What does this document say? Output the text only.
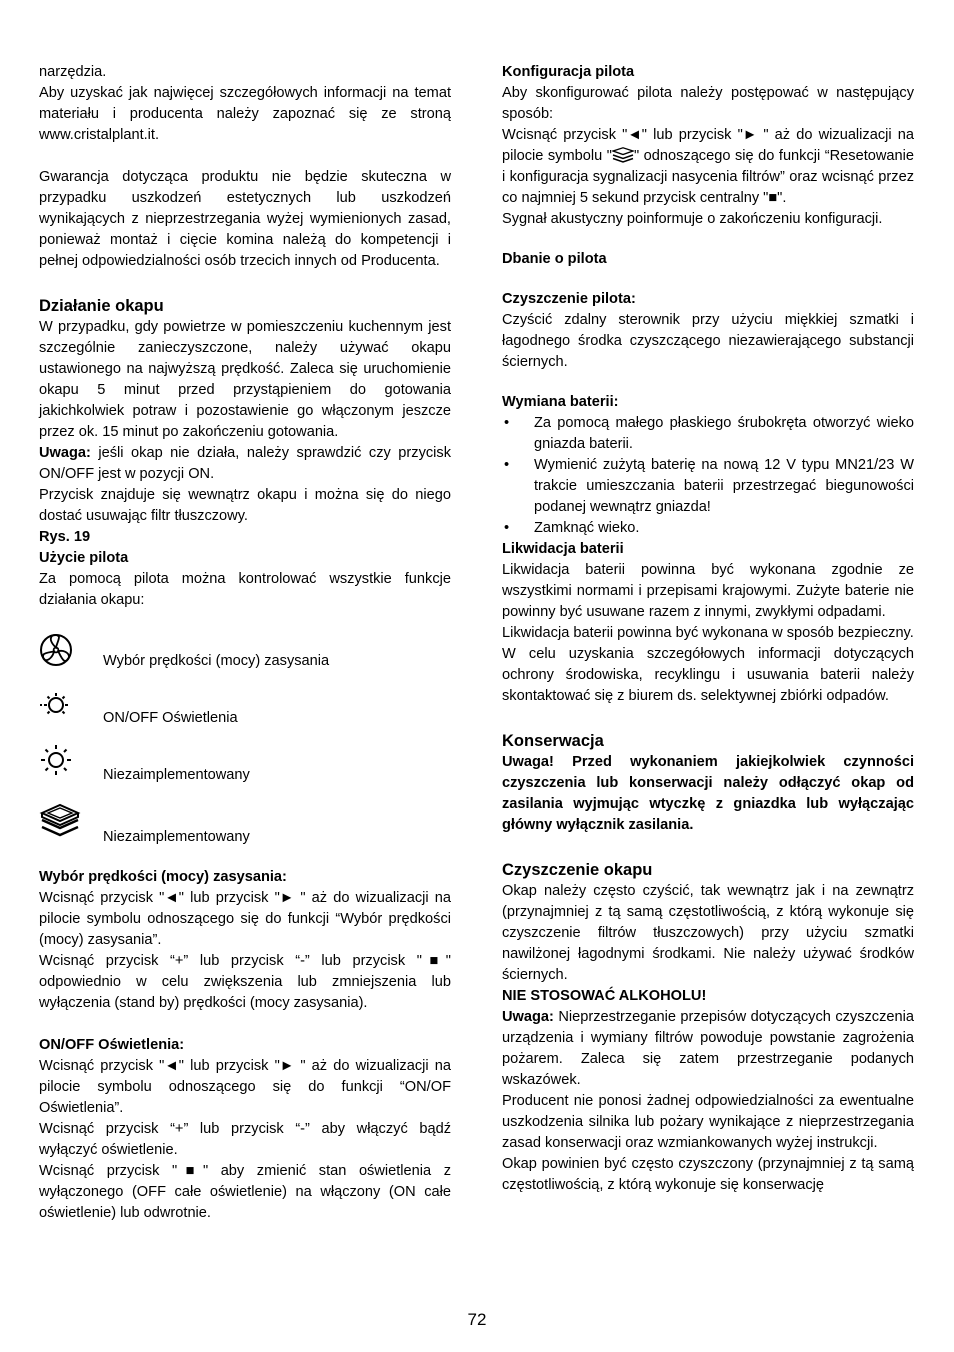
narzędzia.

Aby uzyskać jak najwięcej szczegółowych informacji na temat materiału i producenta należy zapoznać się ze stroną www.cristalplant.it.

Gwarancja dotycząca produktu nie będzie skuteczna w przypadku uszkodzeń estetycznych lub uszkodzeń wynikających z nieprzestrzegania wyżej wymienionych zasad, ponieważ montaż i cięcie komina należą do kompetencji i pełnej odpowiedzialności osób trzecich innych od Producenta.

Działanie okapu

W przypadku, gdy powietrze w pomieszczeniu kuchennym jest szczególnie zanieczyszczone, należy używać okapu ustawionego na najwyższą prędkość. Zaleca się uruchomienie okapu 5 minut przed przystąpieniem do gotowania jakichkolwiek potraw i pozostawienie go włączonym jeszcze przez ok. 15 minut po zakończeniu gotowania.

Uwaga: jeśli okap nie działa, należy sprawdzić czy przycisk ON/OFF jest w pozycji ON.

Przycisk znajduje się wewnątrz okapu i można się do niego dostać usuwając filtr tłuszczowy.

Rys. 19

Użycie pilota

Za pomocą pilota można kontrolować wszystkie funkcje działania okapu:

Wybór prędkości (mocy) zasysania
ON/OFF Oświetlenia
Niezaimplementowany
Niezaimplementowany

Wybór prędkości (mocy) zasysania:

Wcisnąć przycisk "◄" lub przycisk "► " aż do wizualizacji na pilocie symbolu odnoszącego się do funkcji “Wybór prędkości (mocy) zasysania”.

Wcisnąć przycisk “+” lub przycisk “-” lub przycisk "■" odpowiednio w celu zwiększenia lub zmniejszenia lub wyłączenia (stand by) prędkości (mocy zasysania).

ON/OFF Oświetlenia:

Wcisnąć przycisk "◄" lub przycisk "► " aż do wizualizacji na pilocie symbolu odnoszącego się do funkcji “ON/OF Oświetlenia”.

Wcisnąć przycisk “+” lub przycisk “-” aby włączyć bądź wyłączyć oświetlenie.

Wcisnąć przycisk "■" aby zmienić stan oświetlenia z wyłączonego (OFF całe oświetlenie) na włączony (ON całe oświetlenie) lub odwrotnie.

Konfiguracja pilota

Aby skonfigurować pilota należy postępować w następujący sposób:

Wcisnąć przycisk "◄" lub przycisk "► " aż do wizualizacji na pilocie symbolu " " odnoszącego się do funkcji “Resetowanie i konfiguracja sygnalizacji nasycenia filtrów” oraz wcisnąć przez co najmniej 5 sekund przycisk centralny "■".

Sygnał akustyczny poinformuje o zakończeniu konfiguracji.

Dbanie o pilota

Czyszczenie pilota:

Czyścić zdalny sterownik przy użyciu miękkiej szmatki i łagodnego środka czyszczącego niezawierającego substancji ściernych.

Wymiana baterii:

• Za pomocą małego płaskiego śrubokręta otworzyć wieko gniazda baterii.
• Wymienić zużytą baterię na nową 12 V typu MN21/23 W trakcie umieszczania baterii przestrzegać biegunowości podanej wewnątrz gniazda!
• Zamknąć wieko.

Likwidacja baterii

Likwidacja baterii powinna być wykonana zgodnie ze wszystkimi normami i przepisami krajowymi. Zużyte baterie nie powinny być usuwane razem z innymi, zwykłymi odpadami.

Likwidacja baterii powinna być wykonana w sposób bezpieczny.

W celu uzyskania szczegółowych informacji dotyczących ochrony środowiska, recyklingu i usuwania baterii należy skontaktować się z biurem ds. selektywnej zbiórki odpadów.

Konserwacja

Uwaga! Przed wykonaniem jakiejkolwiek czynności czyszczenia lub konserwacji należy odłączyć okap od zasilania wyjmując wtyczkę z gniazdka lub wyłączając główny wyłącznik zasilania.

Czyszczenie okapu

Okap należy często czyścić, tak wewnątrz jak i na zewnątrz (przynajmniej z tą samą częstotliwością, z którą wykonuje się czyszczenie filtrów tłuszczowych) przy użyciu szmatki nawilżonej łagodnymi środkami. Nie należy używać środków ściernych.

NIE STOSOWAĆ ALKOHOLU!

Uwaga: Nieprzestrzeganie przepisów dotyczących czyszczenia urządzenia i wymiany filtrów powoduje powstanie zagrożenia pożarem. Zaleca się zatem przestrzeganie podanych wskazówek.

Producent nie ponosi żadnej odpowiedzialności za ewentualne uszkodzenia silnika lub pożary wynikające z nieprzestrzegania zasad konserwacji oraz wzmiankowanych wyżej instrukcji.

Okap powinien być często czyszczony (przynajmniej z tą samą częstotliwością, z którą wykonuje się konserwację

72
